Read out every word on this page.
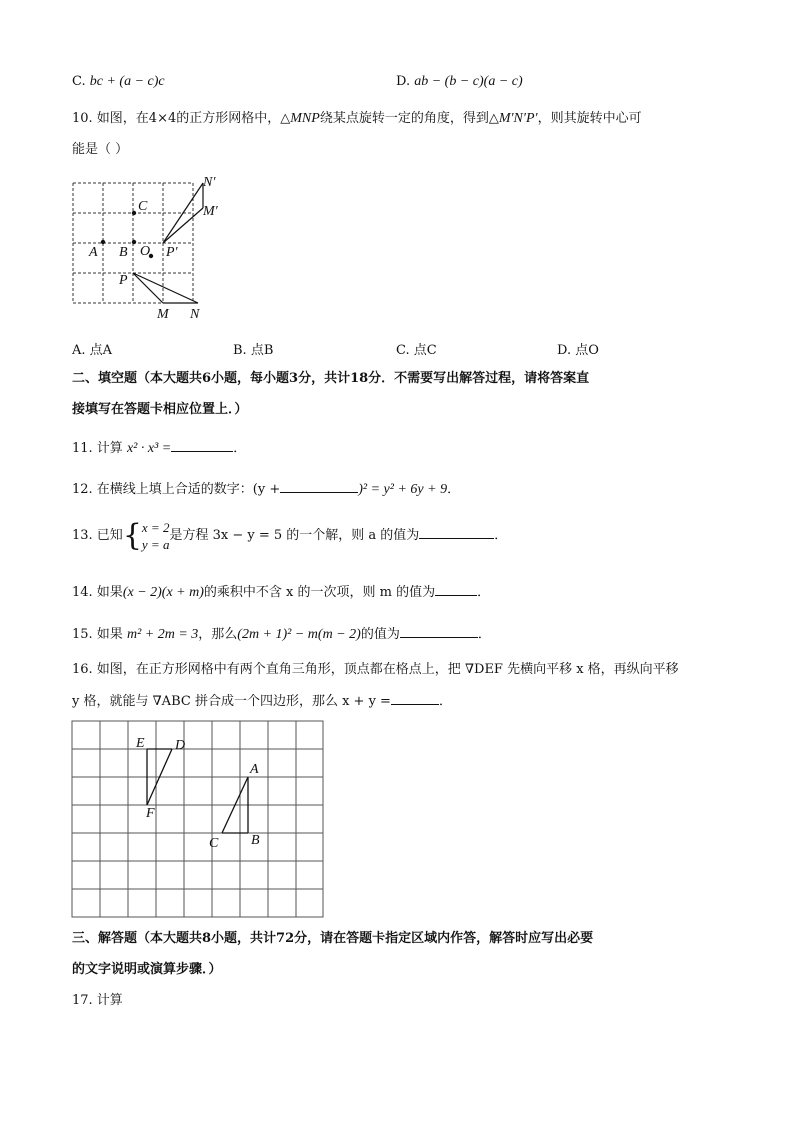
C. bc + (a − c)c	D. ab − (b − c)(a − c)
10. 如图，在4×4的正方形网格中，△MNP绕某点旋转一定的角度，得到△M′N′P′，则其旋转中心可
能是（ ）
N′
M′
C
A B O P′
P
M N
A. 点A	B. 点B	C. 点C	D. 点O
二、填空题（本大题共6小题，每小题3分，共计18分．不需要写出解答过程，请将答案直
接填写在答题卡相应位置上．）
11. 计算 x² · x³ =	．
12. 在横线上填上合适的数字：(y +	)² = y² + 6y + 9．
13. 已知{x = 2
y = a是方程 3x − y = 5 的一个解，则 a 的值为	．
14. 如果(x − 2)(x + m)的乘积中不含 x 的一次项，则 m 的值为	．
15. 如果 m² + 2m = 3，那么(2m + 1)² − m(m − 2)的值为	．
16. 如图，在正方形网格中有两个直角三角形，顶点都在格点上，把 ∇DEF 先横向平移 x 格，再纵向平移
y 格，就能与 ∇ABC 拼合成一个四边形，那么 x + y =	．
E D
F
A
C B
三、解答题（本大题共8小题，共计72分，请在答题卡指定区域内作答，解答时应写出必要
的文字说明或演算步骤．）
17. 计算
